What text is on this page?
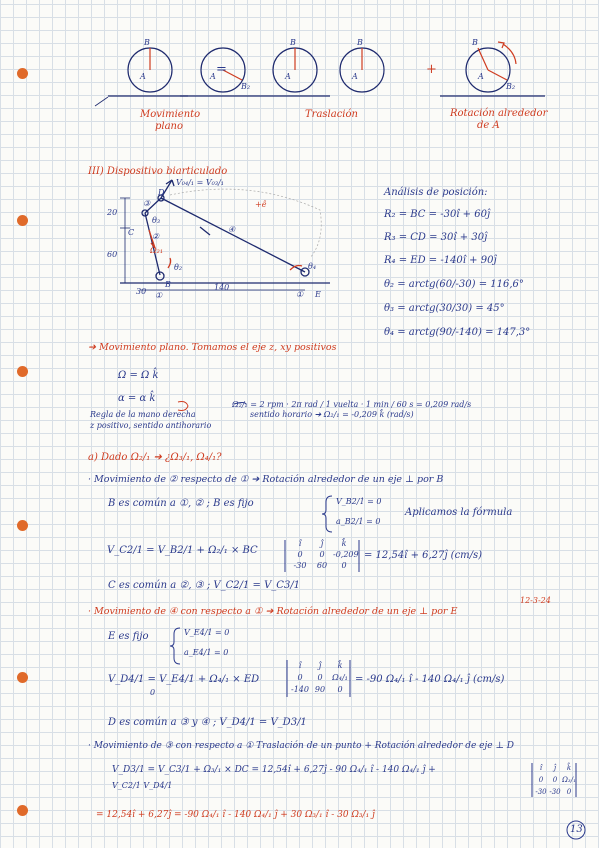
=	+
A
B
A
B₂
B
A
B
A
B
A
B₂
Movimiento
plano
Traslación	Rotación alrededor
de A
III) Dispositivo biarticulado
V₀₄/₁ = V₀₃/₁
20
60
30	140
C
B
D
E
①	①
④
②
③
θ₂	θ₄
θ₃
Ω₂₁
+ê
Análisis de posición:
R₂ = BC = -30î + 60ĵ
R₃ = CD = 30î + 30ĵ
R₄ = ED = -140î + 90ĵ
θ₂ = arctg(60/-30) = 116,6°
θ₃ = arctg(30/30) = 45°
θ₄ = arctg(90/-140) = 147,3°
➔ Movimiento plano. Tomamos el eje z, xy positivos
Ω = Ω k̂
α = α k̂
Ω₂/₁ = 2 rpm · 2π rad / 1 vuelta · 1 min / 60 s = 0,209 rad/s
Regla de la mano derecha
z positivo, sentido antihorario
sentido horario ➔ Ω₂/₁ = -0,209 k̂ (rad/s)
a) Dado Ω₂/₁ ➔ ¿Ω₃/₁, Ω₄/₁?
· Movimiento de ② respecto de ① ➔ Rotación alrededor de un eje ⊥ por B
B es común a ①, ② ; B es fijo	V_B2/1 = 0
a_B2/1 = 0
Aplicamos la fórmula
V_C2/1 = V_B2/1 + Ω₂/₁ × BC
î	ĵ	k̂
0	0	-0,209
-30	60	0
= 12,54î + 6,27ĵ (cm/s)
C es común a ②, ③ ; V_C2/1 = V_C3/1
12-3-24
· Movimiento de ④ con respecto a ① ➔ Rotación alrededor de un eje ⊥ por E
E es fijo	V_E4/1 = 0
a_E4/1 = 0
V_D4/1 = V_E4/1 + Ω₄/₁ × ED
0
î	ĵ	k̂
0	0	Ω₄/₁
-140 90	0
= -90 Ω₄/₁ î - 140 Ω₄/₁ ĵ (cm/s)
D es común a ③ y ④ ; V_D4/1 = V_D3/1
· Movimiento de ③ con respecto a ① Traslación de un punto + Rotación alrededor de eje ⊥ D
V_D3/1 = V_C3/1 + Ω₃/₁ × DC = 12,54î + 6,27ĵ - 90 Ω₄/₁ î - 140 Ω₄/₁ ĵ +
V_C2/1 V_D4/1
î	ĵ	k̂
0	0 Ω₃/₁
-30 -30 0
= 12,54î + 6,27ĵ = -90 Ω₄/₁ î - 140 Ω₄/₁ ĵ + 30 Ω₃/₁ î - 30 Ω₃/₁ ĵ
13
